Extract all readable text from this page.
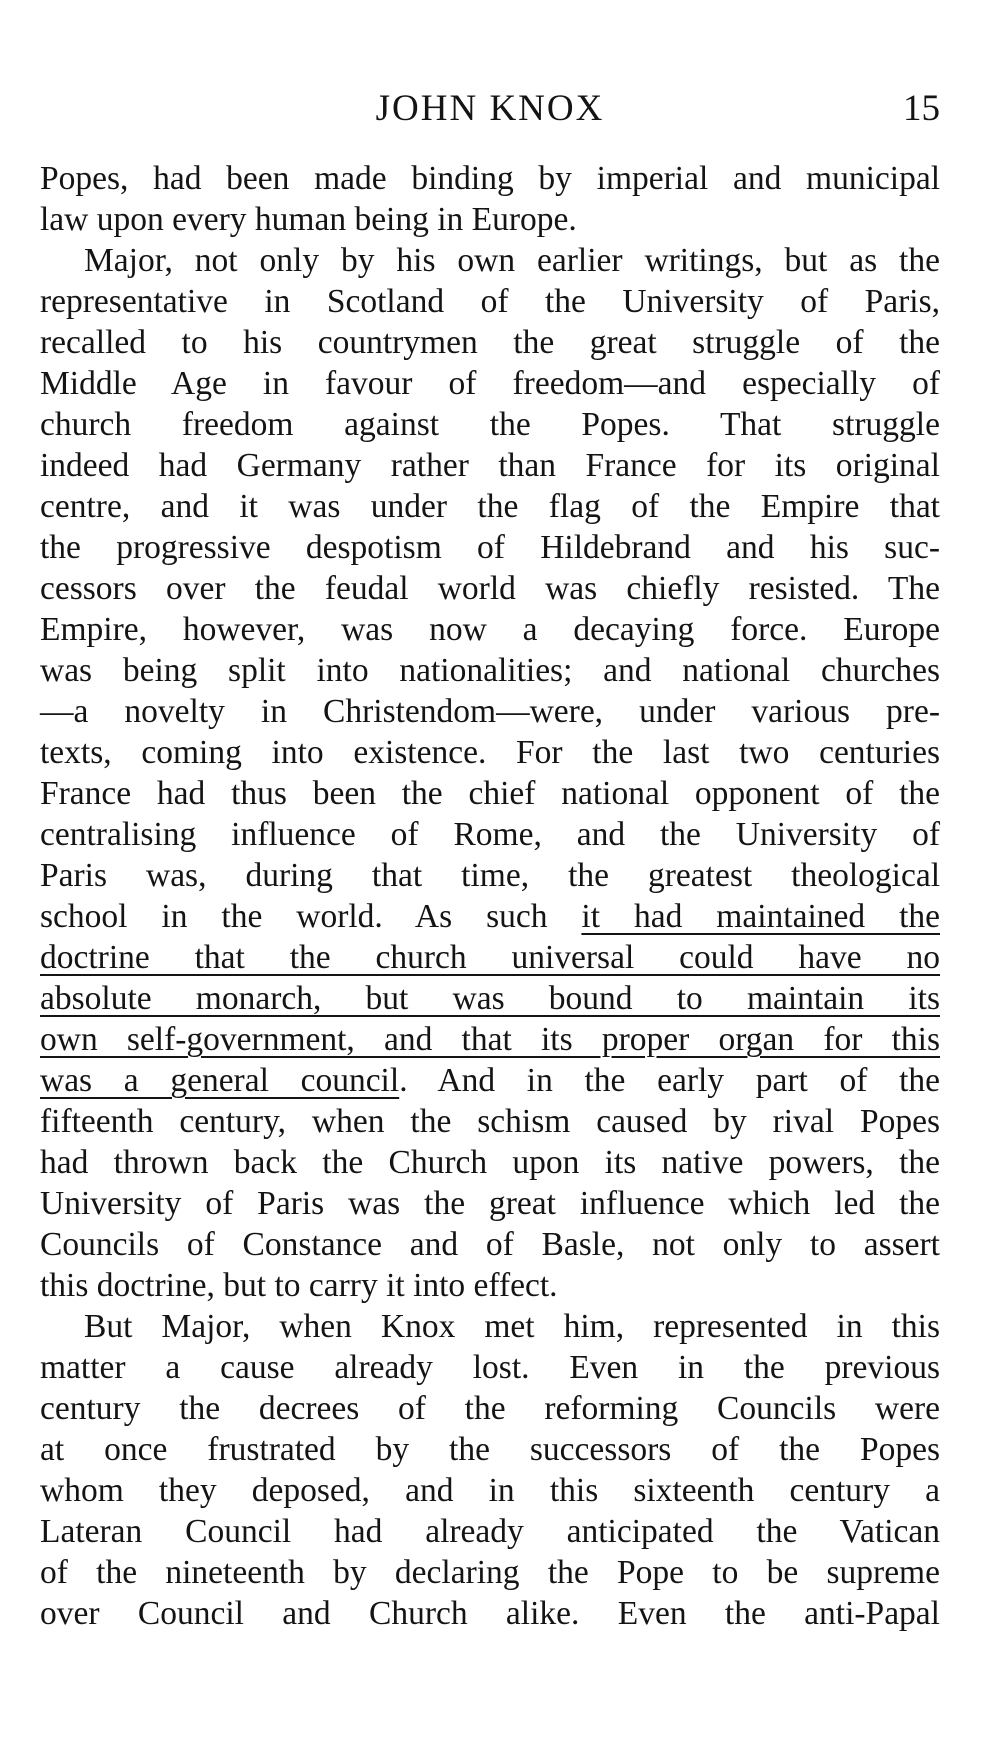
JOHN KNOX	15
Popes, had been made binding by imperial and municipal
law upon every human being in Europe.
Major, not only by his own earlier writings, but as the
representative in Scotland of the University of Paris,
recalled to his countrymen the great struggle of the
Middle Age in favour of freedom—and especially of
church freedom against the Popes. That struggle
indeed had Germany rather than France for its original
centre, and it was under the flag of the Empire that
the progressive despotism of Hildebrand and his suc-
cessors over the feudal world was chiefly resisted. The
Empire, however, was now a decaying force. Europe
was being split into nationalities; and national churches
—a novelty in Christendom—were, under various pre-
texts, coming into existence. For the last two centuries
France had thus been the chief national opponent of the
centralising influence of Rome, and the University of
Paris was, during that time, the greatest theological
school in the world. As such it had maintained the
doctrine that the church universal could have no
absolute monarch, but was bound to maintain its
own self-government, and that its proper organ for this
was a general council. And in the early part of the
fifteenth century, when the schism caused by rival Popes
had thrown back the Church upon its native powers, the
University of Paris was the great influence which led the
Councils of Constance and of Basle, not only to assert
this doctrine, but to carry it into effect.
But Major, when Knox met him, represented in this
matter a cause already lost. Even in the previous
century the decrees of the reforming Councils were
at once frustrated by the successors of the Popes
whom they deposed, and in this sixteenth century a
Lateran Council had already anticipated the Vatican
of the nineteenth by declaring the Pope to be supreme
over Council and Church alike. Even the anti-Papal
